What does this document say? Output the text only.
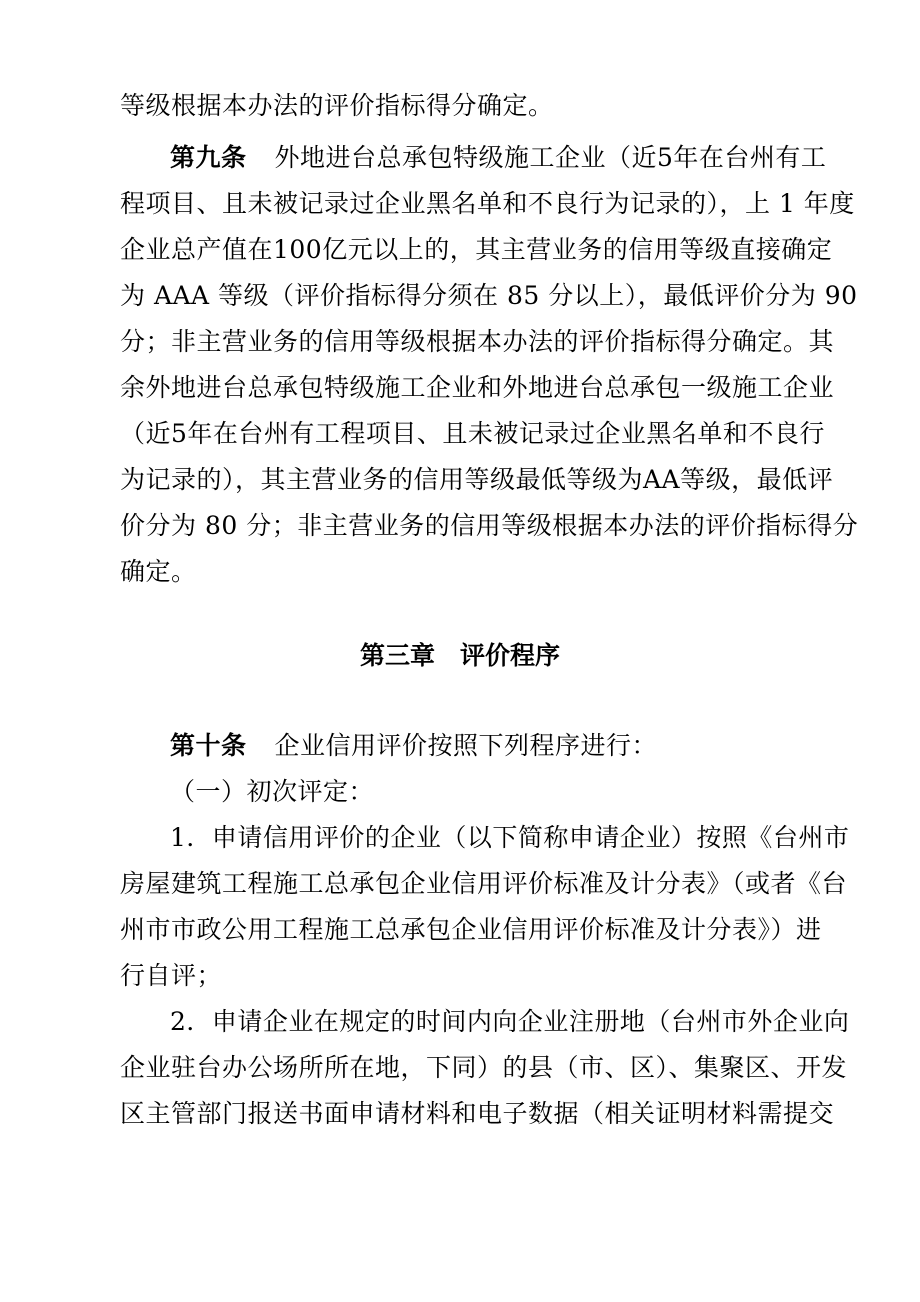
等级根据本办法的评价指标得分确定。
第九条 外地进台总承包特级施工企业（近5年在台州有工
程项目、且未被记录过企业黑名单和不良行为记录的），上 1 年度
企业总产值在100亿元以上的，其主营业务的信用等级直接确定
为 AAA 等级（评价指标得分须在 85 分以上），最低评价分为 90
分；非主营业务的信用等级根据本办法的评价指标得分确定。其
余外地进台总承包特级施工企业和外地进台总承包一级施工企业
（近5年在台州有工程项目、且未被记录过企业黑名单和不良行
为记录的），其主营业务的信用等级最低等级为AA等级，最低评
价分为 80 分；非主营业务的信用等级根据本办法的评价指标得分
确定。
第三章　评价程序
第十条 企业信用评价按照下列程序进行：
（一）初次评定：
1．申请信用评价的企业（以下简称申请企业）按照《台州市
房屋建筑工程施工总承包企业信用评价标准及计分表》（或者《台
州市市政公用工程施工总承包企业信用评价标准及计分表》）进
行自评；
2．申请企业在规定的时间内向企业注册地（台州市外企业向
企业驻台办公场所所在地，下同）的县（市、区）、集聚区、开发
区主管部门报送书面申请材料和电子数据（相关证明材料需提交
